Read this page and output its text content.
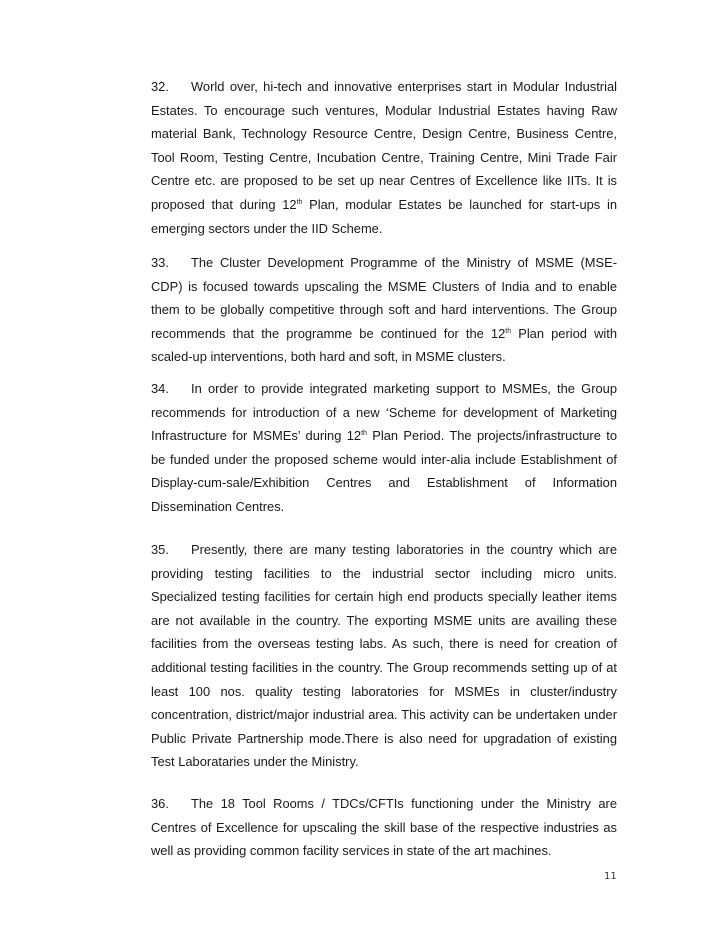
32. World over, hi-tech and innovative enterprises start in Modular Industrial Estates. To encourage such ventures, Modular Industrial Estates having Raw material Bank, Technology Resource Centre, Design Centre, Business Centre, Tool Room, Testing Centre, Incubation Centre, Training Centre, Mini Trade Fair Centre etc. are proposed to be set up near Centres of Excellence like IITs. It is proposed that during 12th Plan, modular Estates be launched for start-ups in emerging sectors under the IID Scheme.

33. The Cluster Development Programme of the Ministry of MSME (MSE-CDP) is focused towards upscaling the MSME Clusters of India and to enable them to be globally competitive through soft and hard interventions. The Group recommends that the programme be continued for the 12th Plan period with scaled-up interventions, both hard and soft, in MSME clusters.

34. In order to provide integrated marketing support to MSMEs, the Group recommends for introduction of a new ‘Scheme for development of Marketing Infrastructure for MSMEs’ during 12th Plan Period. The projects/infrastructure to be funded under the proposed scheme would inter-alia include Establishment of Display-cum-sale/Exhibition Centres and Establishment of Information Dissemination Centres.

35. Presently, there are many testing laboratories in the country which are providing testing facilities to the industrial sector including micro units. Specialized testing facilities for certain high end products specially leather items are not available in the country. The exporting MSME units are availing these facilities from the overseas testing labs. As such, there is need for creation of additional testing facilities in the country. The Group recommends setting up of at least 100 nos. quality testing laboratories for MSMEs in cluster/industry concentration, district/major industrial area. This activity can be undertaken under Public Private Partnership mode.There is also need for upgradation of existing Test Laborataries under the Ministry.

36. The 18 Tool Rooms / TDCs/CFTIs functioning under the Ministry are Centres of Excellence for upscaling the skill base of the respective industries as well as providing common facility services in state of the art machines.

11
